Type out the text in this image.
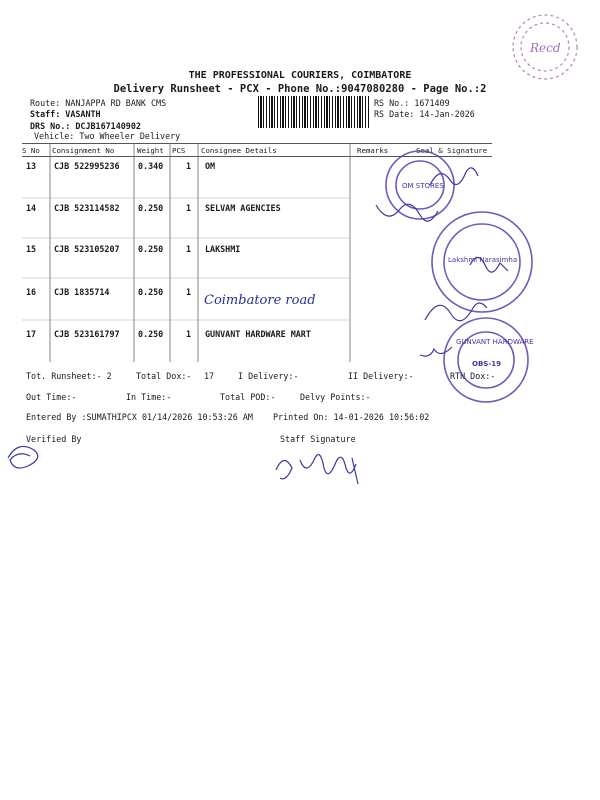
THE PROFESSIONAL COURIERS, COIMBATORE
Delivery Runsheet - PCX - Phone No.:9047080280 - Page No.:2
Route: NANJAPPA RD BANK CMS
Staff: VASANTH
DRS No.: DCJB167140902
Vehicle: Two Wheeler Delivery
RS No.: 1671409
RS Date: 14-Jan-2026
S No Consignment No	Weight PCS Consignee Details	Remarks	Seal & Signature
13 CJB 522995236 0.340	1 OM
14 CJB 523114582 0.250	1 SELVAM AGENCIES
15 CJB 523105207 0.250	1 LAKSHMI
16 CJB 1835714	0.250	1
Coimbatore road
17 CJB 523161797 0.250	1 GUNVANT HARDWARE MART
Tot. Runsheet:- 2	Total Dox:- 17	I Delivery:-	II Delivery:-	RTN Dox:-
Out Time:-	In Time:-	Total POD:-	Delvy Points:-
Entered By :SUMATHIPCX 01/14/2026 10:53:26 AM Printed On: 14-01-2026 10:56:02
Verified By	Staff Signature
Recd
OM STORES
Lakshmi Narasimha
GUNVANT HARDWARE
OBS-19
